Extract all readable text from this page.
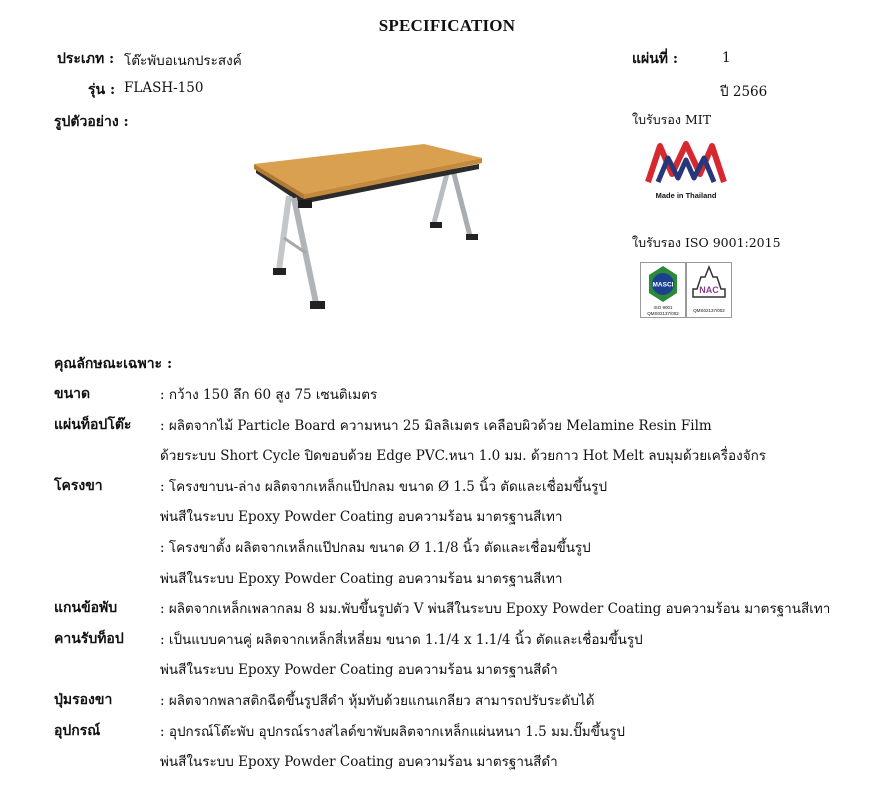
SPECIFICATION
ประเภท : โต๊ะพับอเนกประสงค์
รุ่น : FLASH-150
รูปตัวอย่าง :
แผ่นที่ :	1
ปี 2566
ใบรับรอง MIT
Made in Thailand
ใบรับรอง ISO 9001:2015
MASCI
ISO 9001
QMS02137/002
NAC
QMS02137/002
คุณลักษณะเฉพาะ :
ขนาด	: กว้าง 150 ลึก 60 สูง 75 เซนติเมตร
แผ่นท็อปโต๊ะ : ผลิตจากไม้ Particle Board ความหนา 25 มิลลิเมตร เคลือบผิวด้วย Melamine Resin Film
ด้วยระบบ Short Cycle ปิดขอบด้วย Edge PVC.หนา 1.0 มม. ด้วยกาว Hot Melt ลบมุมด้วยเครื่องจักร
โครงขา	: โครงขาบน-ล่าง ผลิตจากเหล็กแป๊ปกลม ขนาด Ø 1.5 นิ้ว ตัดและเชื่อมขึ้นรูป
พ่นสีในระบบ Epoxy Powder Coating อบความร้อน มาตรฐานสีเทา
: โครงขาตั้ง ผลิตจากเหล็กแป๊ปกลม ขนาด Ø 1.1/8 นิ้ว ตัดและเชื่อมขึ้นรูป
พ่นสีในระบบ Epoxy Powder Coating อบความร้อน มาตรฐานสีเทา
แกนข้อพับ	: ผลิตจากเหล็กเพลากลม 8 มม.พับขึ้นรูปตัว V พ่นสีในระบบ Epoxy Powder Coating อบความร้อน มาตรฐานสีเทา
คานรับท็อป	: เป็นแบบคานคู่ ผลิตจากเหล็กสี่เหลี่ยม ขนาด 1.1/4 x 1.1/4 นิ้ว ตัดและเชื่อมขึ้นรูป
พ่นสีในระบบ Epoxy Powder Coating อบความร้อน มาตรฐานสีดำ
ปุ่มรองขา	: ผลิตจากพลาสติกฉีดขึ้นรูปสีดำ หุ้มทับด้วยแกนเกลียว สามารถปรับระดับได้
อุปกรณ์	: อุปกรณ์โต๊ะพับ อุปกรณ์รางสไลด์ขาพับผลิตจากเหล็กแผ่นหนา 1.5 มม.ปั๊มขึ้นรูป
พ่นสีในระบบ Epoxy Powder Coating อบความร้อน มาตรฐานสีดำ
